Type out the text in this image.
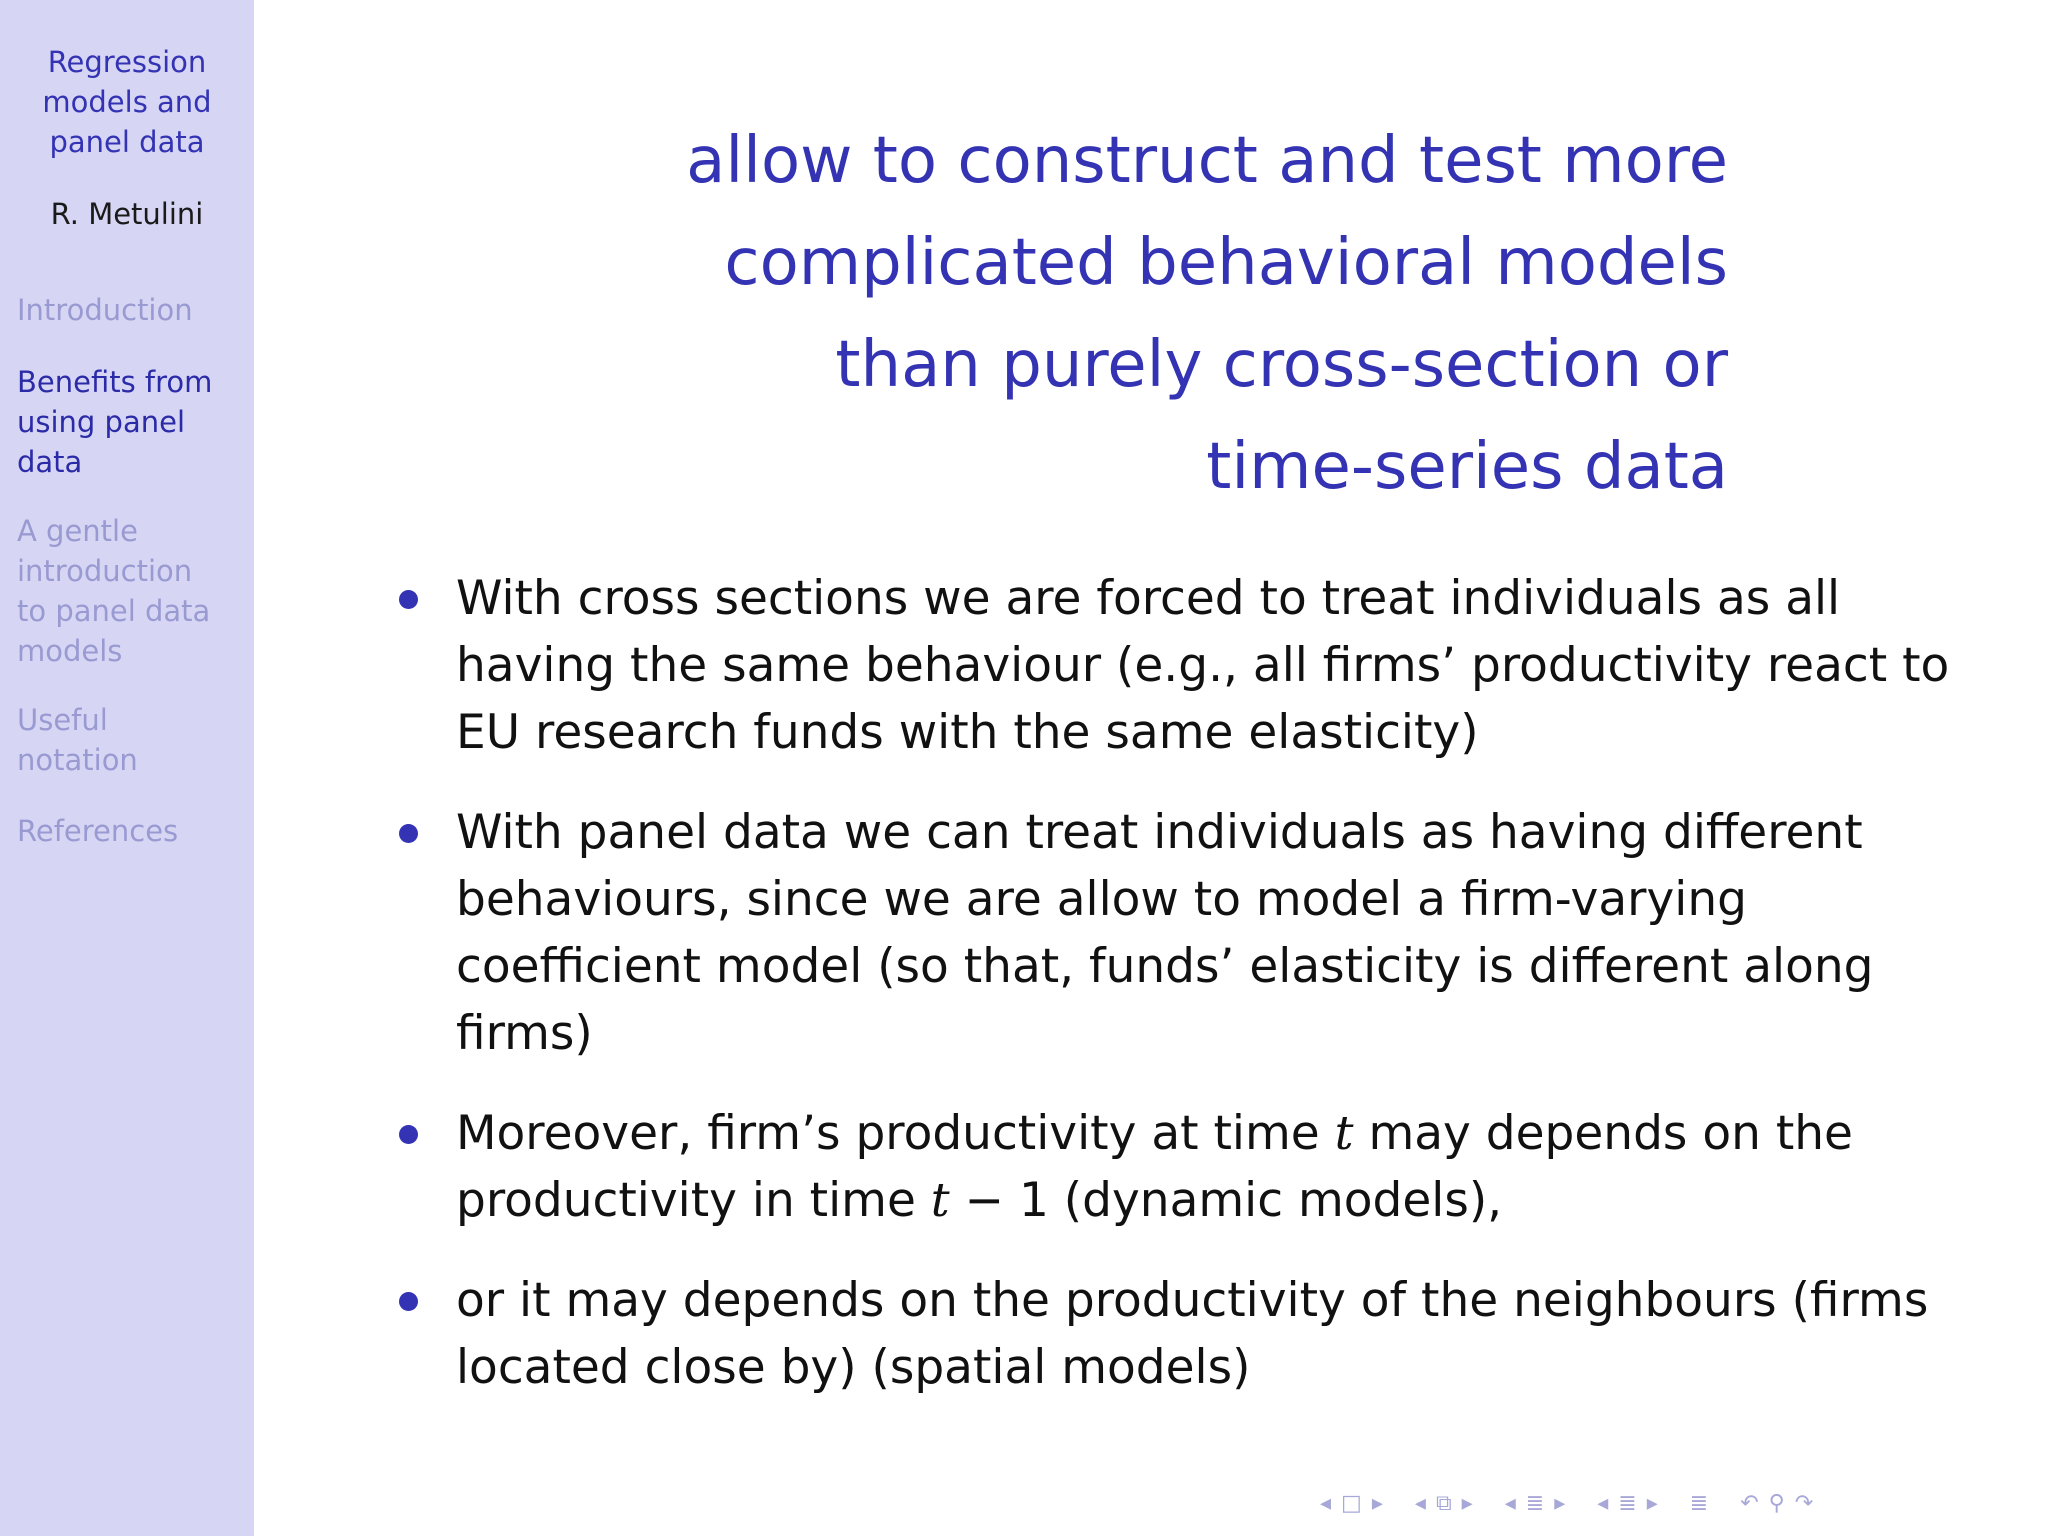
Regression
models and
panel data
R. Metulini
Introduction
Benefits from
using panel
data
A gentle
introduction
to panel data
models
Useful
notation
References
allow to construct and test more
complicated behavioral models
than purely cross-section or
time-series data
With cross sections we are forced to treat individuals as all
having the same behaviour (e.g., all firms’ productivity react to
EU research funds with the same elasticity)
With panel data we can treat individuals as having different
behaviours, since we are allow to model a firm-varying
coefficient model (so that, funds’ elasticity is different along
firms)
Moreover, firm’s productivity at time t may depends on the
productivity in time t − 1 (dynamic models),
or it may depends on the productivity of the neighbours (firms
located close by) (spatial models)
◂ □ ▸ ◂ ⧉ ▸ ◂ ≣ ▸ ◂ ≣ ▸ ≣ ↶ ⚲ ↷
